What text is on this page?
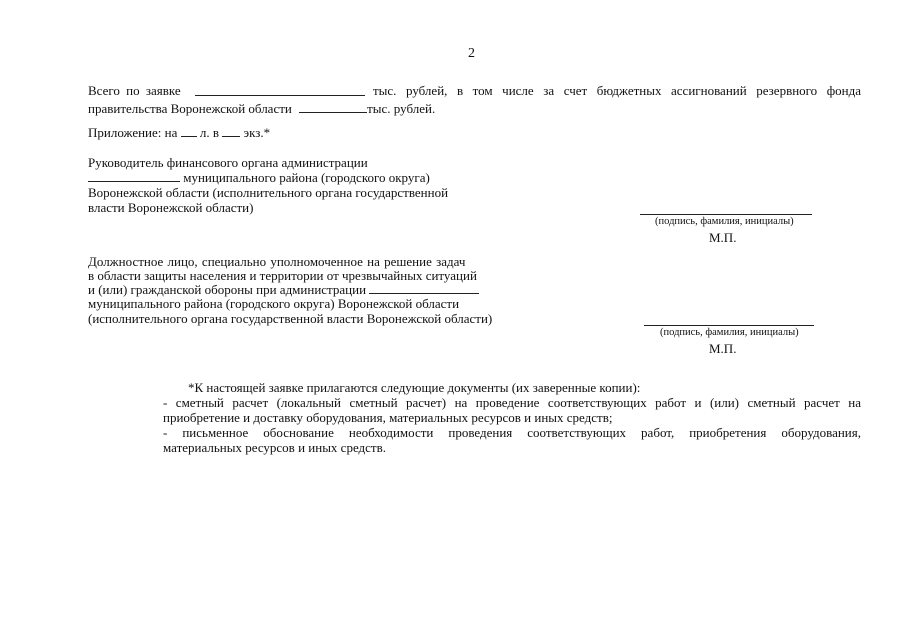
2
Всего по заявке	тыс. рублей, в том числе за счет бюджетных ассигнований резервного фонда
правительства Воронежской области	тыс. рублей.
Приложение: на л. в экз.*
Руководитель финансового органа администрации
муниципального района (городского округа)
Воронежской области (исполнительного органа государственной
власти Воронежской области)
(подпись, фамилия, инициалы)
М.П.
Должностное лицо, специально уполномоченное на решение задач
в области защиты населения и территории от чрезвычайных ситуаций
и (или) гражданской обороны при администрации
муниципального района (городского округа) Воронежской области
(исполнительного органа государственной власти Воронежской области)
(подпись, фамилия, инициалы)
М.П.
*К настоящей заявке прилагаются следующие документы (их заверенные копии):
- сметный расчет (локальный сметный расчет) на проведение соответствующих работ и (или) сметный расчет на
приобретение и доставку оборудования, материальных ресурсов и иных средств;
- письменное обоснование необходимости проведения соответствующих работ, приобретения оборудования,
материальных ресурсов и иных средств.
